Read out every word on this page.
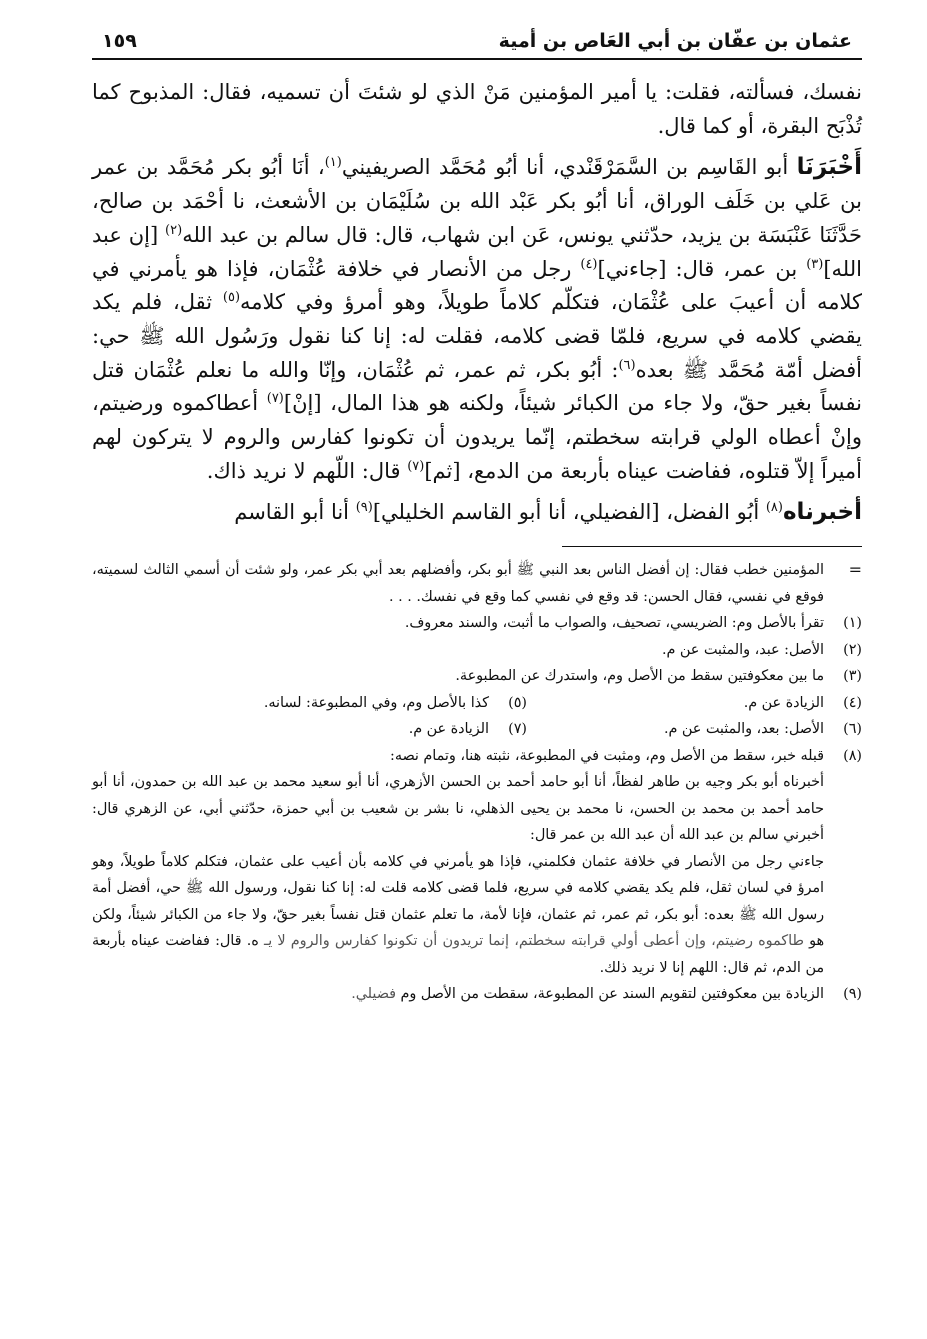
عثمان بن عفّان بن أبي العَاص بن أمية
١٥٩

نفسك، فسألته، فقلت: يا أمير المؤمنين مَنْ الذي لو شئتَ أن تسميه، فقال: المذبوح كما تُذْبَح البقرة، أو كما قال.

أَخْبَرَنَا أبو القَاسِم بن السَّمَرْقَنْدي، أنا أبُو مُحَمَّد الصريفيني$^{(١)}$، أنَا أبُو بكر مُحَمَّد بن عمر بن عَلي بن خَلَف الوراق، أنا أبُو بكر عَبْد الله بن سُلَيْمَان بن الأشعث، نا أحْمَد بن صالح، حَدَّثَنَا عَنْبَسَة بن يزيد، حدّثني يونس، عَن ابن شهاب، قال: قال سالم بن عبد الله$^{(٢)}$ [إن عبد الله]$^{(٣)}$ بن عمر، قال: [جاءني]$^{(٤)}$ رجل من الأنصار في خلافة عُثْمَان، فإذا هو يأمرني في كلامه أن أعيبَ على عُثْمَان، فتكلّم كلاماً طويلاً، وهو أمرؤ وفي كلامه$^{(٥)}$ ثقل، فلم يكد يقضي كلامه في سريع، فلمّا قضى كلامه، فقلت له: إنا كنا نقول ورَسُول الله ﷺ حي: أفضل أمّة مُحَمَّد ﷺ بعده$^{(٦)}$: أبُو بكر، ثم عمر، ثم عُثْمَان، وإنّا والله ما نعلم عُثْمَان قتل نفساً بغير حقّ، ولا جاء من الكبائر شيئاً، ولكنه هو هذا المال، [إنْ]$^{(٧)}$ أعطاكموه ورضيتم، وإنْ أعطاه الولي قرابته سخطتم، إنّما يريدون أن تكونوا كفارس والروم لا يتركون لهم أميراً إلاّ قتلوه، ففاضت عيناه بأربعة من الدمع، [ثم]$^{(٧)}$ قال: اللّهم لا نريد ذاك.

أخبرناه$^{(٨)}$ أبُو الفضل، [الفضيلي، أنا أبو القاسم الخليلي]$^{(٩)}$ أنا أبو القاسم

=
المؤمنين خطب فقال: إن أفضل الناس بعد النبي ﷺ أبو بكر، وأفضلهم بعد أبي بكر عمر، ولو شئت أن أسمي الثالث لسميته، فوقع في نفسي، فقال الحسن: قد وقع في نفسي كما وقع في نفسك. . . .
(١)
تقرأ بالأصل وم: الضريسي، تصحيف، والصواب ما أثبت، والسند معروف.
(٢)
الأصل: عبد، والمثبت عن م.
(٣)
ما بين معكوفتين سقط من الأصل وم، واستدرك عن المطبوعة.
(٤)
الزيادة عن م.
(٥)
كذا بالأصل وم، وفي المطبوعة: لسانه.
(٦)
الأصل: بعد، والمثبت عن م.
(٧)
الزيادة عن م.
(٨)

قبله خبر، سقط من الأصل وم، ومثبت في المطبوعة، نثبته هنا، وتمام نصه:

أخبرناه أبو بكر وجيه بن طاهر لفظاً، أنا أبو حامد أحمد بن الحسن الأزهري، أنا أبو سعيد محمد بن عبد الله بن حمدون، أنا أبو حامد أحمد بن محمد بن الحسن، نا محمد بن يحيى الذهلي، نا بشر بن شعيب بن أبي حمزة، حدّثني أبي، عن الزهري قال: أخبرني سالم بن عبد الله أن عبد الله بن عمر قال:

جاءني رجل من الأنصار في خلافة عثمان فكلمني، فإذا هو يأمرني في كلامه بأن أعيب على عثمان، فتكلم كلاماً طويلاً، وهو امرؤ في لسان ثقل، فلم يكد يقضي كلامه في سريع، فلما قضى كلامه قلت له: إنا كنا نقول، ورسول الله ﷺ حي، أفضل أمة رسول الله ﷺ بعده: أبو بكر، ثم عمر، ثم عثمان، فإنا لأمة، ما تعلم عثمان قتل نفساً بغير حقّ، ولا جاء من الكبائر شيئاً، ولكن هو طاكموه رضيتم، وإن أعطى أولي قرابته سخطتم، إنما تريدون أن تكونوا كفارس والروم لا يـ ه. قال: ففاضت عيناه بأربعة من الدم، ثم قال: اللهم إنا لا نريد ذلك.

(٩)
الزيادة بين معكوفتين لتقويم السند عن المطبوعة، سقطت من الأصل وم فضيلي.
